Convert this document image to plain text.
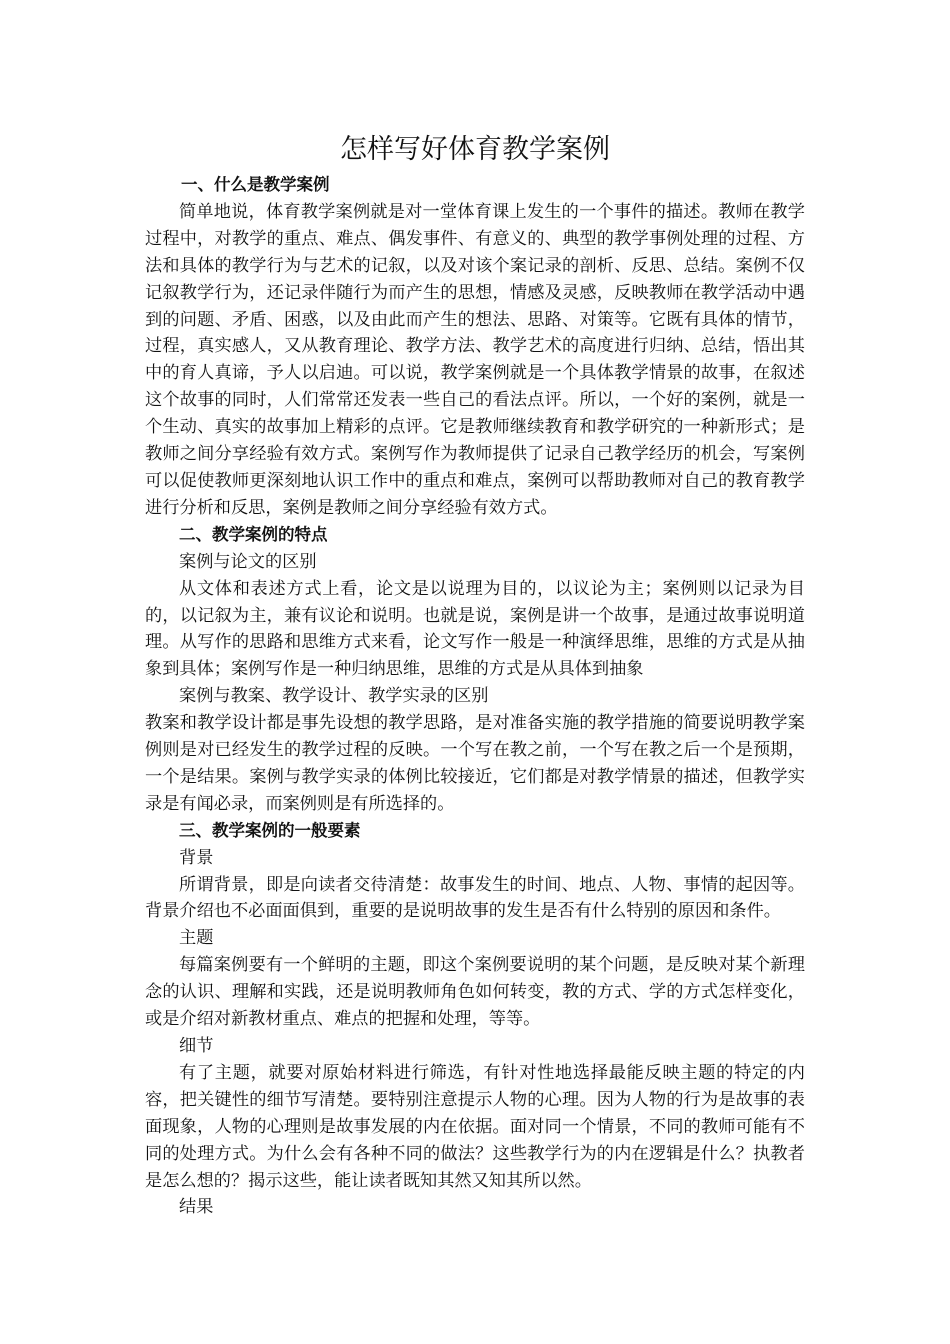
怎样写好体育教学案例

一、什么是教学案例

简单地说，体育教学案例就是对一堂体育课上发生的一个事件的描述。教师在教学过程中，对教学的重点、难点、偶发事件、有意义的、典型的教学事例处理的过程、方法和具体的教学行为与艺术的记叙，以及对该个案记录的剖析、反思、总结。案例不仅记叙教学行为，还记录伴随行为而产生的思想，情感及灵感，反映教师在教学活动中遇到的问题、矛盾、困惑，以及由此而产生的想法、思路、对策等。它既有具体的情节，过程，真实感人，又从教育理论、教学方法、教学艺术的高度进行归纳、总结，悟出其中的育人真谛，予人以启迪。可以说，教学案例就是一个具体教学情景的故事，在叙述这个故事的同时，人们常常还发表一些自己的看法点评。所以，一个好的案例，就是一个生动、真实的故事加上精彩的点评。它是教师继续教育和教学研究的一种新形式；是教师之间分享经验有效方式。案例写作为教师提供了记录自己教学经历的机会，写案例可以促使教师更深刻地认识工作中的重点和难点，案例可以帮助教师对自己的教育教学进行分析和反思，案例是教师之间分享经验有效方式。

二、教学案例的特点

案例与论文的区别

从文体和表述方式上看，论文是以说理为目的，以议论为主；案例则以记录为目的，以记叙为主，兼有议论和说明。也就是说，案例是讲一个故事，是通过故事说明道理。从写作的思路和思维方式来看，论文写作一般是一种演绎思维，思维的方式是从抽象到具体；案例写作是一种归纳思维，思维的方式是从具体到抽象

案例与教案、教学设计、教学实录的区别

教案和教学设计都是事先设想的教学思路，是对准备实施的教学措施的简要说明教学案例则是对已经发生的教学过程的反映。一个写在教之前，一个写在教之后一个是预期，一个是结果。案例与教学实录的体例比较接近，它们都是对教学情景的描述，但教学实录是有闻必录，而案例则是有所选择的。

三、教学案例的一般要素

背景

所谓背景，即是向读者交待清楚：故事发生的时间、地点、人物、事情的起因等。背景介绍也不必面面俱到，重要的是说明故事的发生是否有什么特别的原因和条件。

主题

每篇案例要有一个鲜明的主题，即这个案例要说明的某个问题，是反映对某个新理念的认识、理解和实践，还是说明教师角色如何转变，教的方式、学的方式怎样变化，或是介绍对新教材重点、难点的把握和处理，等等。

细节

有了主题，就要对原始材料进行筛选，有针对性地选择最能反映主题的特定的内容，把关键性的细节写清楚。要特别注意提示人物的心理。因为人物的行为是故事的表面现象，人物的心理则是故事发展的内在依据。面对同一个情景，不同的教师可能有不同的处理方式。为什么会有各种不同的做法？这些教学行为的内在逻辑是什么？执教者是怎么想的？揭示这些，能让读者既知其然又知其所以然。

结果
